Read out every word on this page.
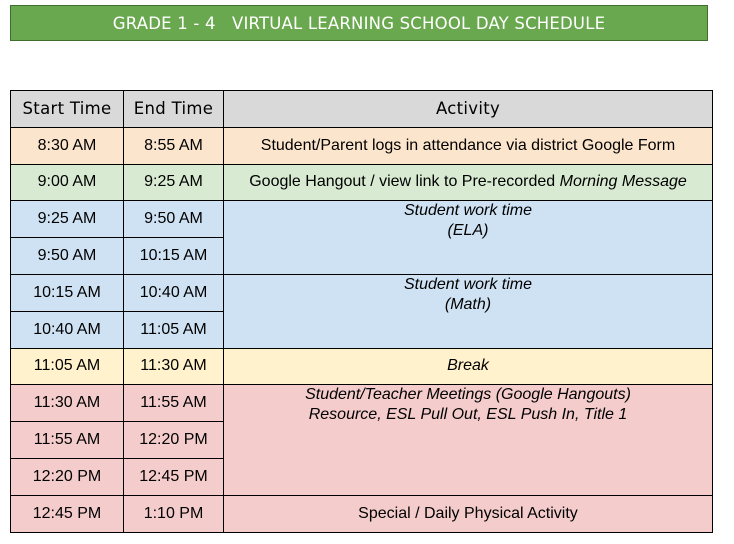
GRADE 1 - 4   VIRTUAL LEARNING SCHOOL DAY SCHEDULE
Start Time	End Time	Activity
8:30 AM	8:55 AM	Student/Parent logs in attendance via district Google Form
9:00 AM	9:25 AM	Google Hangout / view link to Pre-recorded Morning Message
9:25 AM	9:50 AM	Student work time
(ELA)

9:50 AM	10:15 AM	
10:15 AM	10:40 AM	Student work time
(Math)

10:40 AM	11:05 AM	
11:05 AM	11:30 AM	Break
11:30 AM	11:55 AM	Student/Teacher Meetings (Google Hangouts)
Resource, ESL Pull Out, ESL Push In, Title 1

11:55 AM	12:20 PM	
12:20 PM	12:45 PM	
12:45 PM	1:10 PM	Special / Daily Physical Activity
